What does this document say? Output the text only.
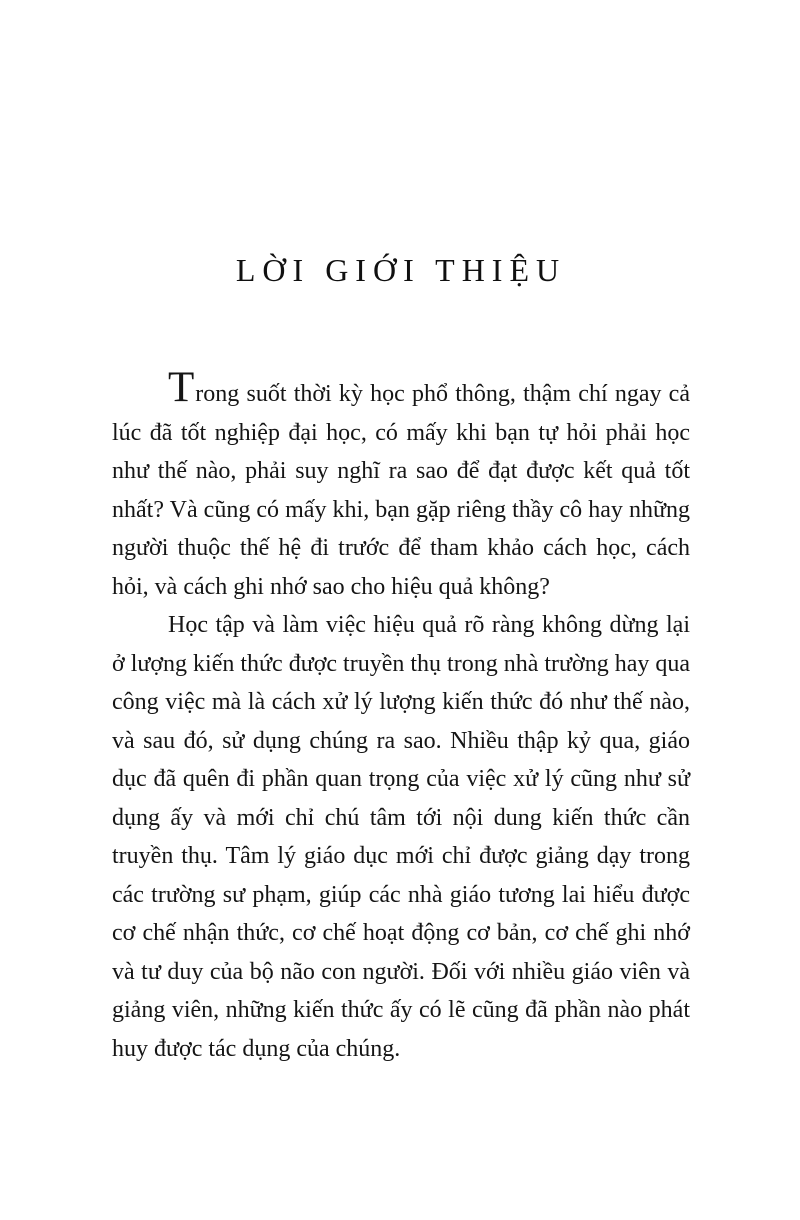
LỜI GIỚI THIỆU

Trong suốt thời kỳ học phổ thông, thậm chí ngay cả lúc đã tốt nghiệp đại học, có mấy khi bạn tự hỏi phải học như thế nào, phải suy nghĩ ra sao để đạt được kết quả tốt nhất? Và cũng có mấy khi, bạn gặp riêng thầy cô hay những người thuộc thế hệ đi trước để tham khảo cách học, cách hỏi, và cách ghi nhớ sao cho hiệu quả không?

Học tập và làm việc hiệu quả rõ ràng không dừng lại ở lượng kiến thức được truyền thụ trong nhà trường hay qua công việc mà là cách xử lý lượng kiến thức đó như thế nào, và sau đó, sử dụng chúng ra sao. Nhiều thập kỷ qua, giáo dục đã quên đi phần quan trọng của việc xử lý cũng như sử dụng ấy và mới chỉ chú tâm tới nội dung kiến thức cần truyền thụ. Tâm lý giáo dục mới chỉ được giảng dạy trong các trường sư phạm, giúp các nhà giáo tương lai hiểu được cơ chế nhận thức, cơ chế hoạt động cơ bản, cơ chế ghi nhớ và tư duy của bộ não con người. Đối với nhiều giáo viên và giảng viên, những kiến thức ấy có lẽ cũng đã phần nào phát huy được tác dụng của chúng.
